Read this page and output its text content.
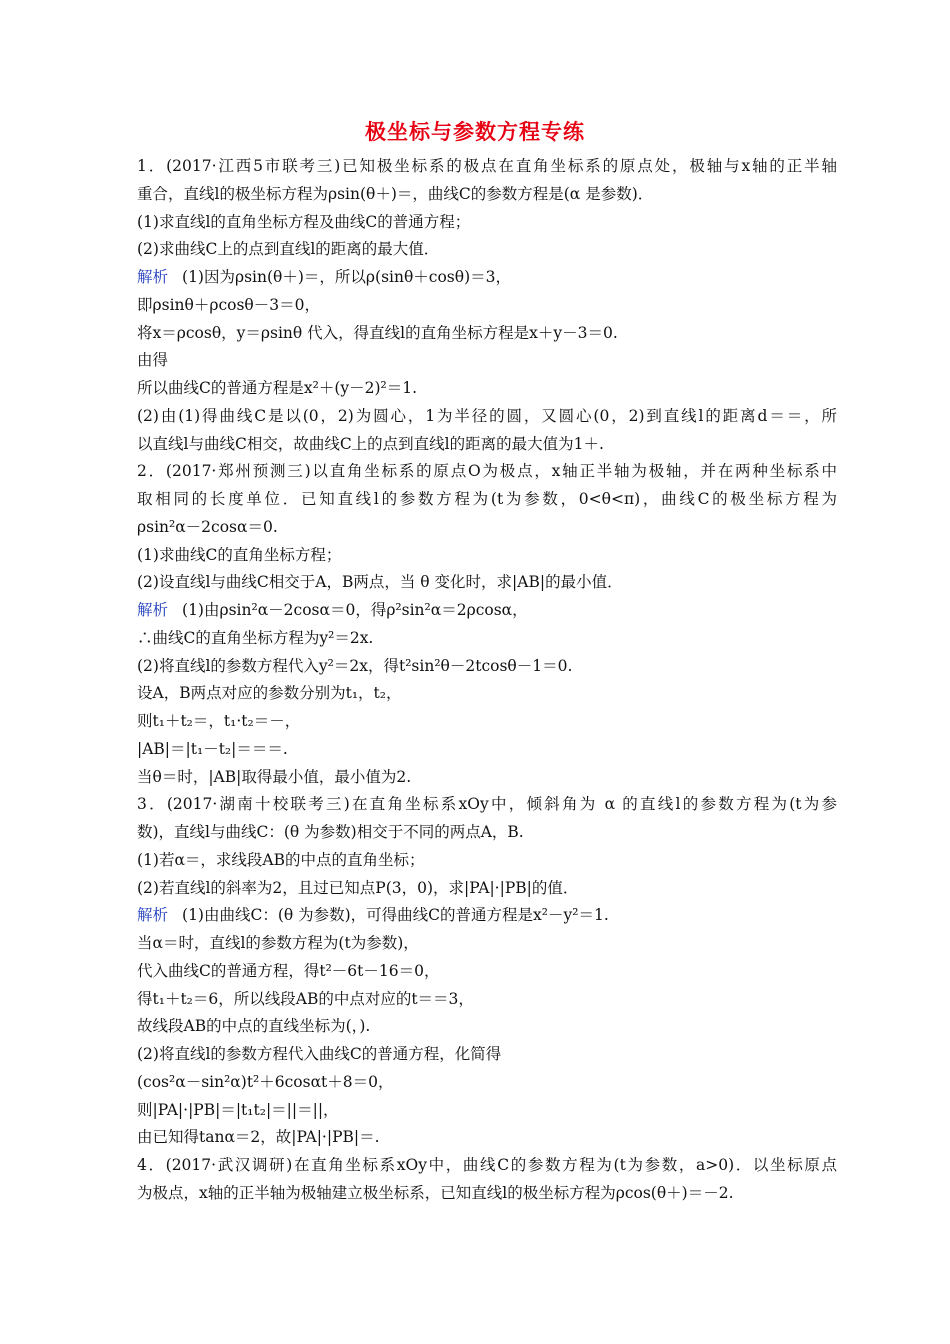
极坐标与参数方程专练
1．(2017·江西5市联考三)已知极坐标系的极点在直角坐标系的原点处，极轴与x轴的正半轴
重合，直线l的极坐标方程为ρsin(θ＋)＝，曲线C的参数方程是(α 是参数)．
(1)求直线l的直角坐标方程及曲线C的普通方程；
(2)求曲线C上的点到直线l的距离的最大值．
解析 (1)因为ρsin(θ＋)＝，所以ρ(sinθ＋cosθ)＝3，
即ρsinθ＋ρcosθ－3＝0，
将x＝ρcosθ，y＝ρsinθ 代入，得直线l的直角坐标方程是x＋y－3＝0.
由得
所以曲线C的普通方程是x²＋(y－2)²＝1.
(2)由(1)得曲线C是以(0，2)为圆心，1为半径的圆，又圆心(0，2)到直线l的距离d＝＝，所
以直线l与曲线C相交，故曲线C上的点到直线l的距离的最大值为1＋.
2．(2017·郑州预测三)以直角坐标系的原点O为极点，x轴正半轴为极轴，并在两种坐标系中
取相同的长度单位．已知直线l的参数方程为(t为参数，0<θ<π)，曲线C的极坐标方程为
ρsin²α－2cosα＝0.
(1)求曲线C的直角坐标方程；
(2)设直线l与曲线C相交于A，B两点，当 θ 变化时，求|AB|的最小值．
解析 (1)由ρsin²α－2cosα＝0，得ρ²sin²α＝2ρcosα，
∴曲线C的直角坐标方程为y²＝2x.
(2)将直线l的参数方程代入y²＝2x，得t²sin²θ－2tcosθ－1＝0.
设A，B两点对应的参数分别为t₁，t₂，
则t₁＋t₂＝，t₁·t₂＝－，
|AB|＝|t₁－t₂|＝＝＝.
当θ＝时，|AB|取得最小值，最小值为2.
3．(2017·湖南十校联考三)在直角坐标系xOy中，倾斜角为 α 的直线l的参数方程为(t为参
数)，直线l与曲线C：(θ 为参数)相交于不同的两点A，B.
(1)若α＝，求线段AB的中点的直角坐标；
(2)若直线l的斜率为2，且过已知点P(3，0)，求|PA|·|PB|的值．
解析 (1)由曲线C：(θ 为参数)，可得曲线C的普通方程是x²－y²＝1.
当α＝时，直线l的参数方程为(t为参数)，
代入曲线C的普通方程，得t²－6t－16＝0，
得t₁＋t₂＝6，所以线段AB的中点对应的t＝＝3，
故线段AB的中点的直线坐标为(，).
(2)将直线l的参数方程代入曲线C的普通方程，化简得
(cos²α－sin²α)t²＋6cosαt＋8＝0，
则|PA|·|PB|＝|t₁t₂|＝||＝||，
由已知得tanα＝2，故|PA|·|PB|＝.
4．(2017·武汉调研)在直角坐标系xOy中，曲线C的参数方程为(t为参数，a>0)．以坐标原点
为极点，x轴的正半轴为极轴建立极坐标系，已知直线l的极坐标方程为ρcos(θ＋)＝－2.
